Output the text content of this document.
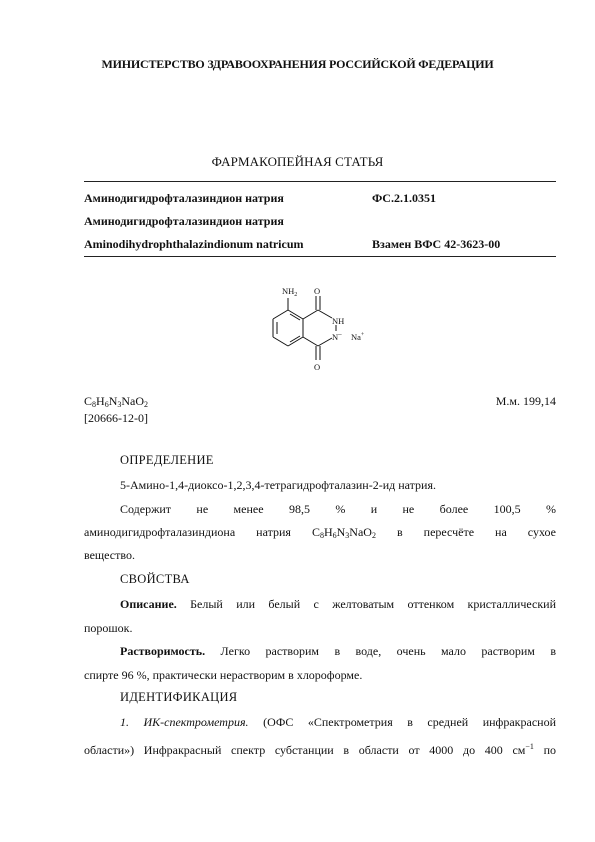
МИНИСТЕРСТВО ЗДРАВООХРАНЕНИЯ РОССИЙСКОЙ ФЕДЕРАЦИИ
ФАРМАКОПЕЙНАЯ СТАТЬЯ
Аминодигидрофталазиндион натрия	ФС.2.1.0351
Аминодигидрофталазиндион натрия
Aminodihydrophthalazindionum natricum	Взамен ВФС 42-3623-00
$NH_2$ O
NH
N– Na+
O
$C_8H_6N_3NaO_2$	М.м. 199,14
[20666-12-0]
ОПРЕДЕЛЕНИЕ
5-Амино-1,4-диоксо-1,2,3,4-тетрагидрофталазин-2-ид натрия.
Содержит не менее 98,5 % и не более 100,5 %
аминодигидрофталазиндиона натрия $C_8H_6N_3NaO_2$ в пересчёте на сухое
вещество.
СВОЙСТВА
Описание. Белый или белый с желтоватым оттенком кристаллический
порошок.
Растворимость. Легко растворим в воде, очень мало растворим в
спирте 96 %, практически нерастворим в хлороформе.
ИДЕНТИФИКАЦИЯ
1. ИК-спектрометрия. (ОФС «Спектрометрия в средней инфракрасной
области») Инфракрасный спектр субстанции в области от 4000 до 400 $см^{-1}$ по
